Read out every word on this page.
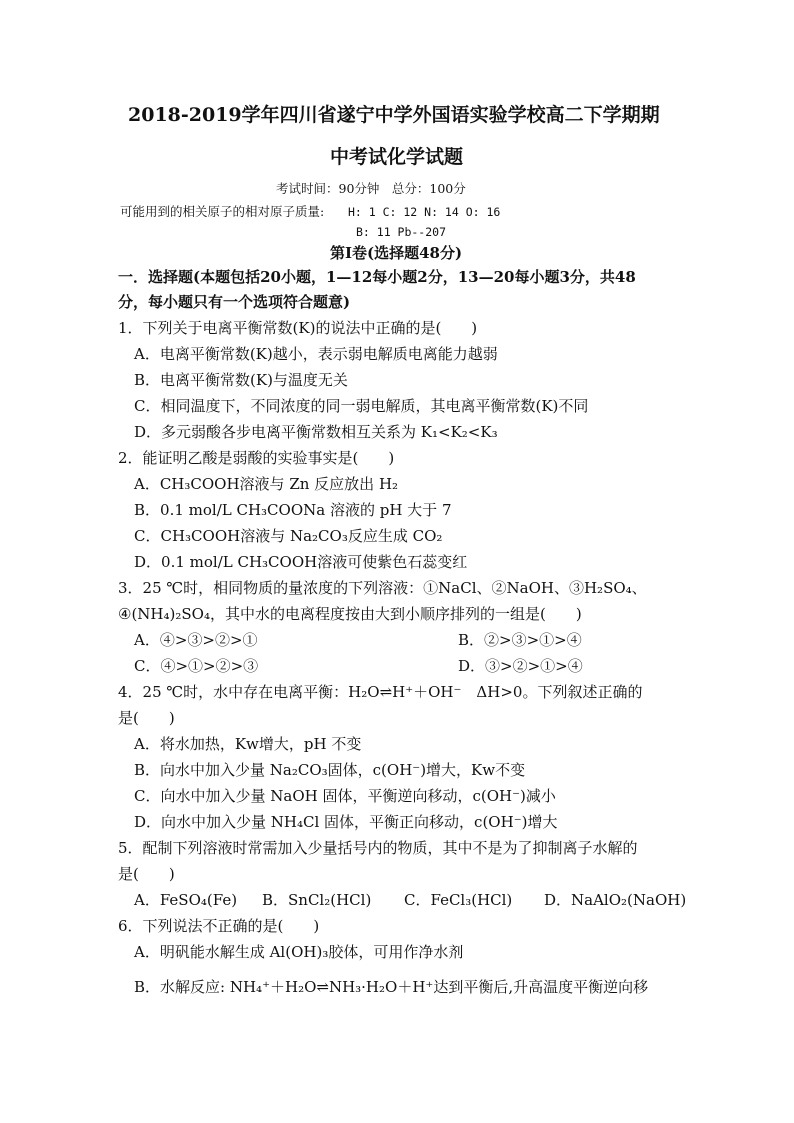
2018-2019学年四川省遂宁中学外国语实验学校高二下学期期
中考试化学试题
考试时间：90分钟　总分：100分
可能用到的相关原子的相对原子质量: H: 1 C: 12 N: 14 O: 16
B: 11 Pb--207
第Ⅰ卷(选择题48分)
一．选择题(本题包括20小题，1—12每小题2分，13—20每小题3分，共48
分，每小题只有一个选项符合题意)
1．下列关于电离平衡常数(K)的说法中正确的是(　　)
A．电离平衡常数(K)越小，表示弱电解质电离能力越弱
B．电离平衡常数(K)与温度无关
C．相同温度下，不同浓度的同一弱电解质，其电离平衡常数(K)不同
D．多元弱酸各步电离平衡常数相互关系为 K₁<K₂<K₃
2．能证明乙酸是弱酸的实验事实是(　　)
A．CH₃COOH溶液与 Zn 反应放出 H₂
B．0.1 mol/L CH₃COONa 溶液的 pH 大于 7
C．CH₃COOH溶液与 Na₂CO₃反应生成 CO₂
D．0.1 mol/L CH₃COOH溶液可使紫色石蕊变红
3．25 ℃时，相同物质的量浓度的下列溶液：①NaCl、②NaOH、③H₂SO₄、
④(NH₄)₂SO₄，其中水的电离程度按由大到小顺序排列的一组是(　　)
A．④>③>②>①	B．②>③>①>④
C．④>①>②>③	D．③>②>①>④
4．25 ℃时，水中存在电离平衡：H₂O⇌H⁺＋OH⁻　ΔH>0。下列叙述正确的
是(　　)
A．将水加热，Kw增大，pH 不变
B．向水中加入少量 Na₂CO₃固体，c(OH⁻)增大，Kw不变
C．向水中加入少量 NaOH 固体，平衡逆向移动，c(OH⁻)减小
D．向水中加入少量 NH₄Cl 固体，平衡正向移动，c(OH⁻)增大
5．配制下列溶液时常需加入少量括号内的物质，其中不是为了抑制离子水解的
是(　　)
A．FeSO₄(Fe) B．SnCl₂(HCl) C．FeCl₃(HCl) D．NaAlO₂(NaOH)
6．下列说法不正确的是(　　)
A．明矾能水解生成 Al(OH)₃胶体，可用作净水剂
B．水解反应: NH₄⁺＋H₂O⇌NH₃·H₂O＋H⁺达到平衡后,升高温度平衡逆向移
